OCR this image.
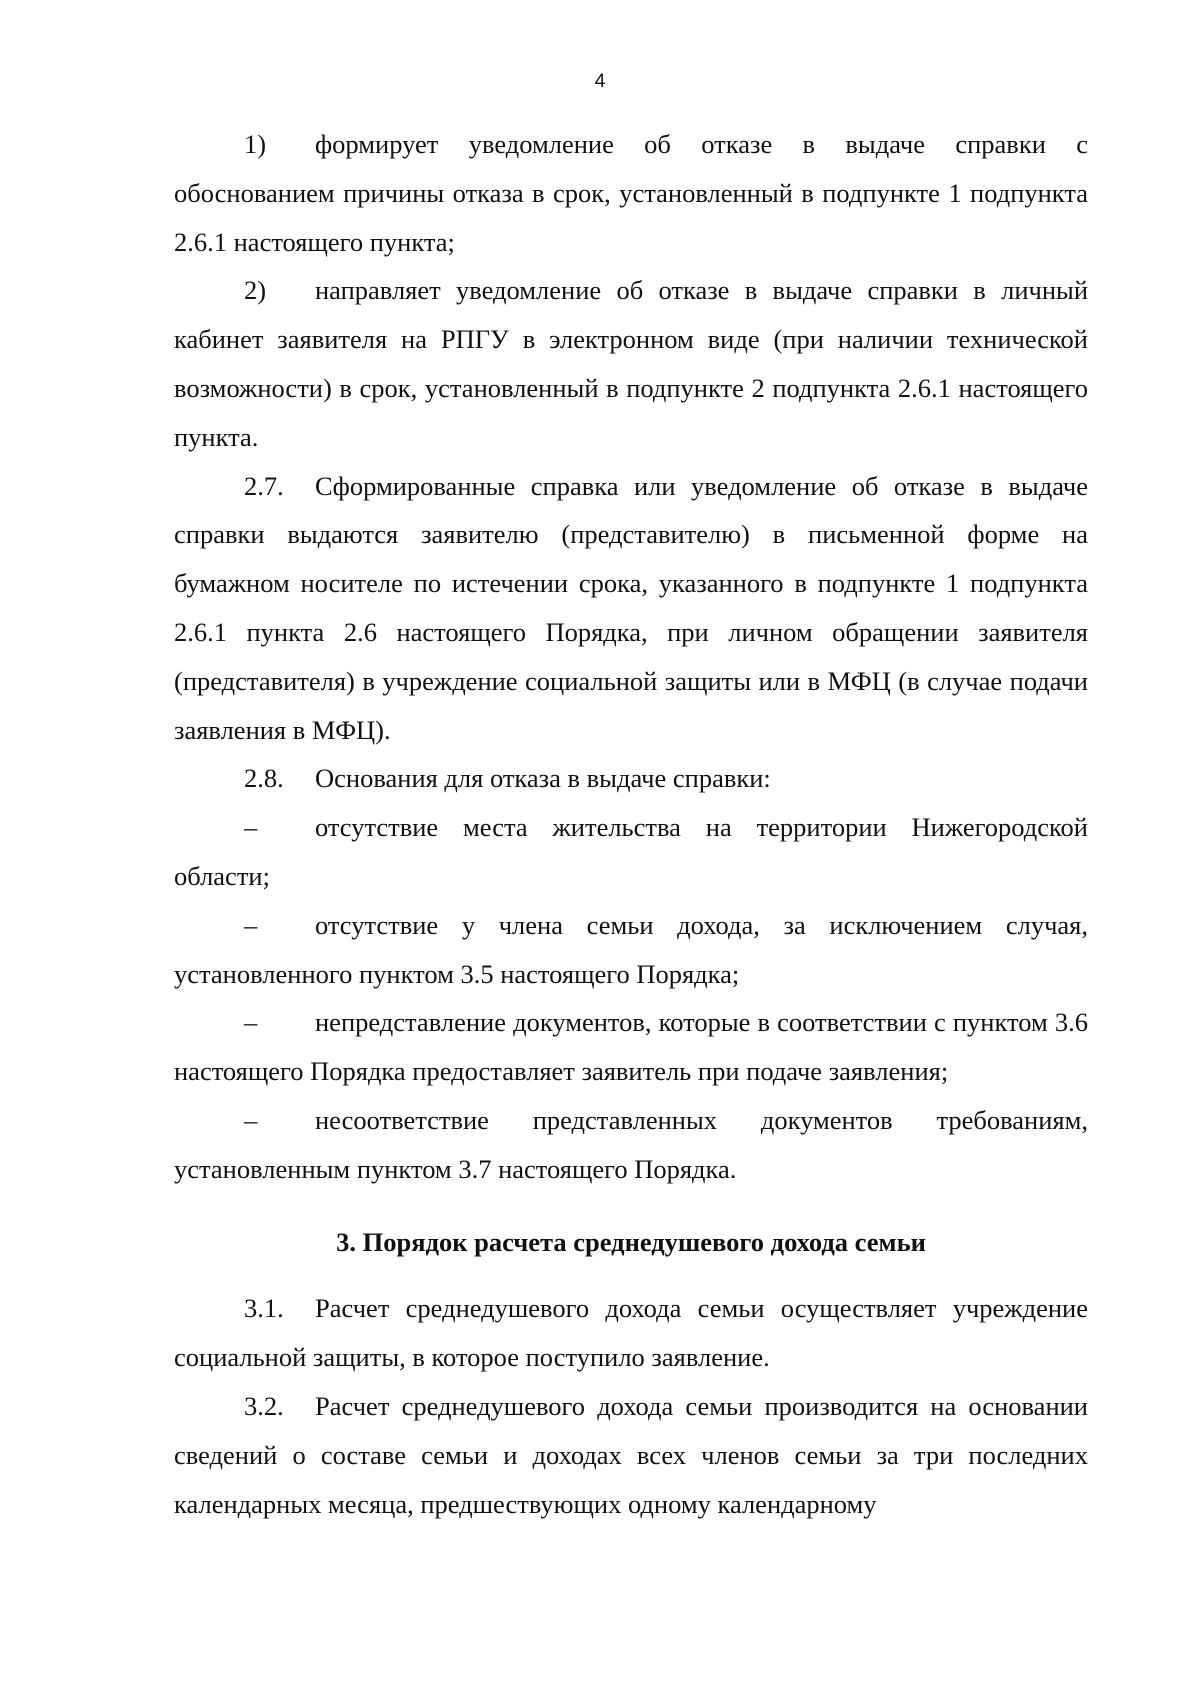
4

1) формирует уведомление об отказе в выдаче справки с обоснованием причины отказа в срок, установленный в подпункте 1 подпункта 2.6.1 настоящего пункта;

2) направляет уведомление об отказе в выдаче справки в личный кабинет заявителя на РПГУ в электронном виде (при наличии технической возможности) в срок, установленный в подпункте 2 подпункта 2.6.1 настоящего пункта.

2.7. Сформированные справка или уведомление об отказе в выдаче справки выдаются заявителю (представителю) в письменной форме на бумажном носителе по истечении срока, указанного в подпункте 1 подпункта 2.6.1 пункта 2.6 настоящего Порядка, при личном обращении заявителя (представителя) в учреждение социальной защиты или в МФЦ (в случае подачи заявления в МФЦ).

2.8. Основания для отказа в выдаче справки:

– отсутствие места жительства на территории Нижегородской области;

– отсутствие у члена семьи дохода, за исключением случая, установленного пунктом 3.5 настоящего Порядка;

– непредставление документов, которые в соответствии с пунктом 3.6 настоящего Порядка предоставляет заявитель при подаче заявления;

– несоответствие представленных документов требованиям, установленным пунктом 3.7 настоящего Порядка.

3. Порядок расчета среднедушевого дохода семьи

3.1. Расчет среднедушевого дохода семьи осуществляет учреждение социальной защиты, в которое поступило заявление.

3.2. Расчет среднедушевого дохода семьи производится на основании сведений о составе семьи и доходах всех членов семьи за три последних календарных месяца, предшествующих одному календарному
